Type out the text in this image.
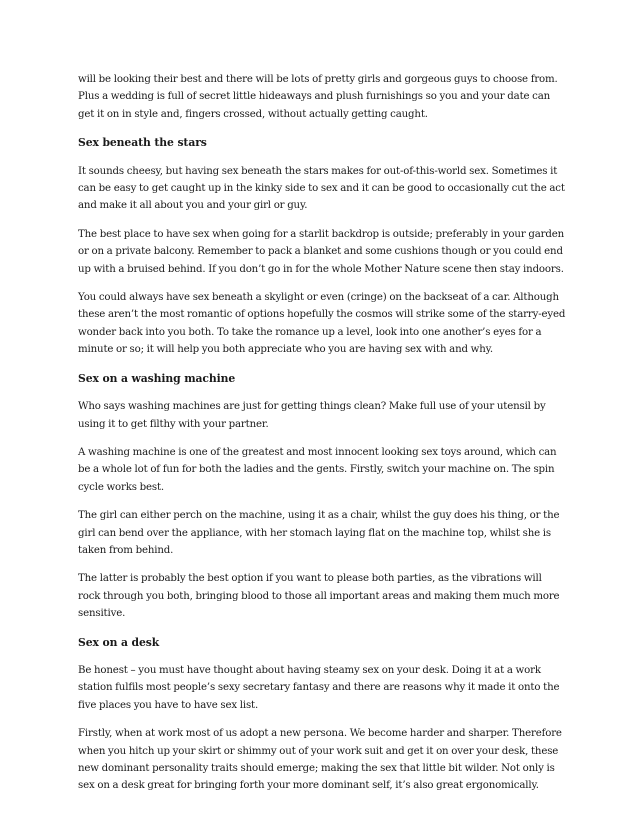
will be looking their best and there will be lots of pretty girls and gorgeous guys to choose from. Plus a wedding is full of secret little hideaways and plush furnishings so you and your date can get it on in style and, fingers crossed, without actually getting caught.

Sex beneath the stars

It sounds cheesy, but having sex beneath the stars makes for out-of-this-world sex. Sometimes it can be easy to get caught up in the kinky side to sex and it can be good to occasionally cut the act and make it all about you and your girl or guy.

The best place to have sex when going for a starlit backdrop is outside; preferably in your garden or on a private balcony. Remember to pack a blanket and some cushions though or you could end up with a bruised behind. If you don’t go in for the whole Mother Nature scene then stay indoors.

You could always have sex beneath a skylight or even (cringe) on the backseat of a car. Although these aren’t the most romantic of options hopefully the cosmos will strike some of the starry-eyed wonder back into you both. To take the romance up a level, look into one another’s eyes for a minute or so; it will help you both appreciate who you are having sex with and why.

Sex on a washing machine

Who says washing machines are just for getting things clean? Make full use of your utensil by using it to get filthy with your partner.

A washing machine is one of the greatest and most innocent looking sex toys around, which can be a whole lot of fun for both the ladies and the gents. Firstly, switch your machine on. The spin cycle works best.

The girl can either perch on the machine, using it as a chair, whilst the guy does his thing, or the girl can bend over the appliance, with her stomach laying flat on the machine top, whilst she is taken from behind.

The latter is probably the best option if you want to please both parties, as the vibrations will rock through you both, bringing blood to those all important areas and making them much more sensitive.

Sex on a desk

Be honest – you must have thought about having steamy sex on your desk. Doing it at a work station fulfils most people’s sexy secretary fantasy and there are reasons why it made it onto the five places you have to have sex list.

Firstly, when at work most of us adopt a new persona. We become harder and sharper. Therefore when you hitch up your skirt or shimmy out of your work suit and get it on over your desk, these new dominant personality traits should emerge; making the sex that little bit wilder. Not only is sex on a desk great for bringing forth your more dominant self, it’s also great ergonomically.
